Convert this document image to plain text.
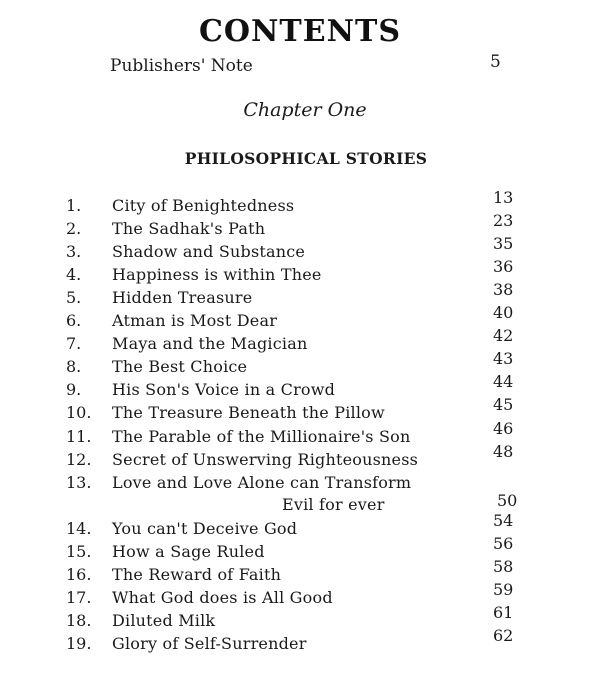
CONTENTS
Publishers' Note	5
Chapter One
PHILOSOPHICAL STORIES
1. City of Benightedness	13
2. The Sadhak's Path	23
3. Shadow and Substance	35
4. Happiness is within Thee	36
5. Hidden Treasure	38
6. Atman is Most Dear	40
7. Maya and the Magician	42
8. The Best Choice	43
9. His Son's Voice in a Crowd	44
10. The Treasure Beneath the Pillow	45
11. The Parable of the Millionaire's Son	46
12. Secret of Unswerving Righteousness	48
13. Love and Love Alone can Transform
Evil for ever	50
14. You can't Deceive God	54
15. How a Sage Ruled	56
16. The Reward of Faith	58
17. What God does is All Good	59
18. Diluted Milk	61
19. Glory of Self-Surrender	62
